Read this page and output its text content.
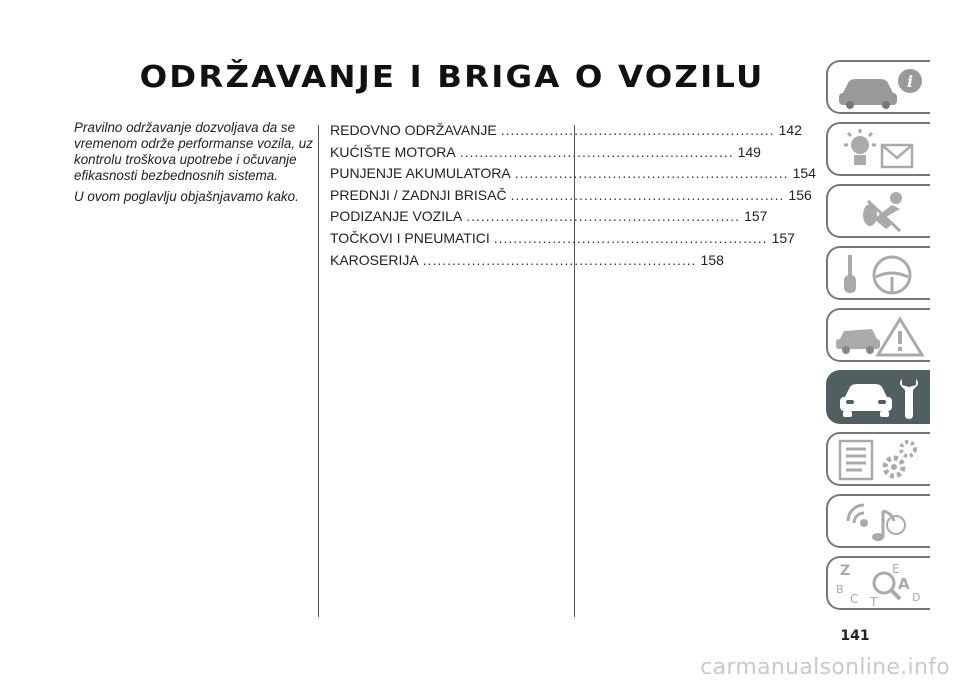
ODRŽAVANJE I BRIGA O VOZILU

Pravilno održavanje dozvoljava da se vremenom održe performanse vozila, uz kontrolu troškova upotrebe i očuvanje efikasnosti bezbednosnih sistema.

U ovom poglavlju objašnjavamo kako.

REDOVNO ODRŽAVANJE ........................................................ 142
KUĆIŠTE MOTORA ........................................................ 149
PUNJENJE AKUMULATORA ........................................................ 154
PREDNJI / ZADNJI BRISAČ ........................................................ 156
PODIZANJE VOZILA ........................................................ 157
TOČKOVI I PNEUMATICI ........................................................ 157
KAROSERIJA ........................................................ 158
i
Z	E
B	A
C	D
T
141
carmanualsonline.info
